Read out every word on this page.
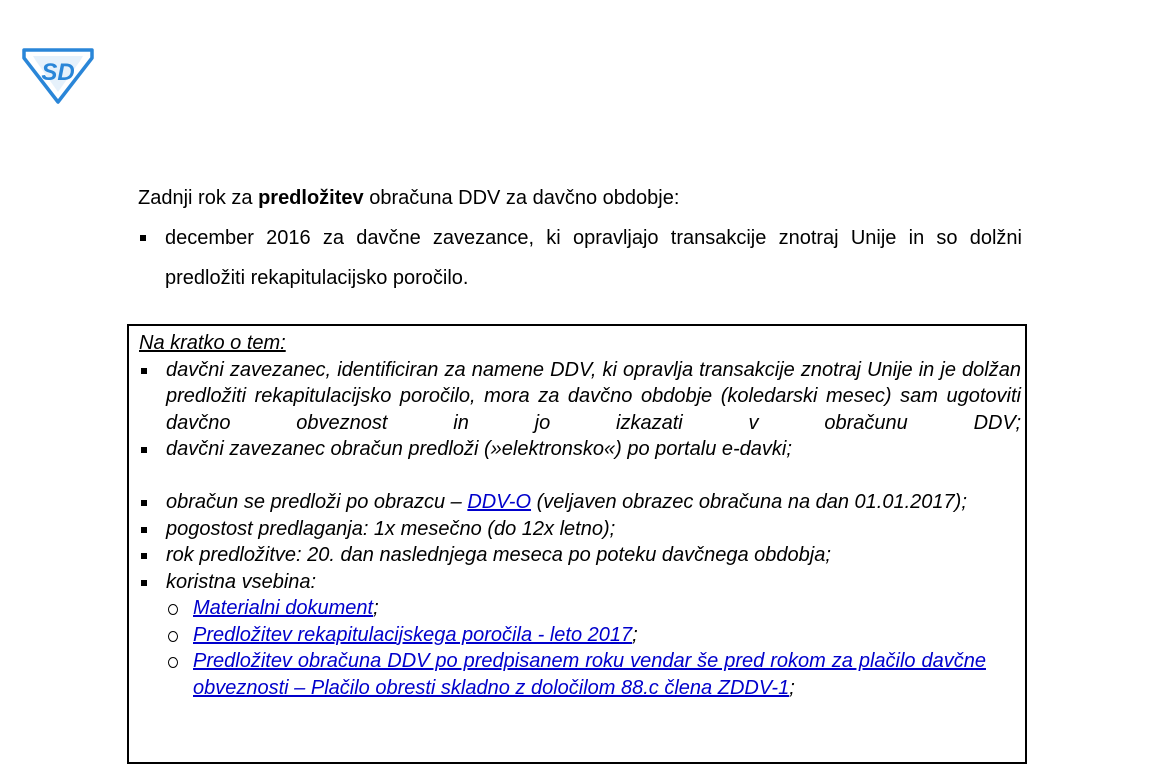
SD

Zadnji rok za predložitev obračuna DDV za davčno obdobje:

december 2016 za davčne zavezance, ki opravljajo transakcije znotraj Unije in so dolžni predložiti rekapitulacijsko poročilo.
Na kratko o tem:
davčni zavezanec, identificiran za namene DDV, ki opravlja transakcije znotraj Unije in je dolžan predložiti rekapitulacijsko poročilo, mora za davčno obdobje (koledarski mesec) sam ugotoviti davčno obveznost in jo izkazati v obračunu DDV;
davčni zavezanec obračun predloži (»elektronsko«) po portalu e-davki;
obračun se predloži po obrazcu – DDV-O (veljaven obrazec obračuna na dan 01.01.2017);
pogostost predlaganja: 1x mesečno (do 12x letno);
rok predložitve: 20. dan naslednjega meseca po poteku davčnega obdobja;
koristna vsebina:
Materialni dokument;
Predložitev rekapitulacijskega poročila - leto 2017;
Predložitev obračuna DDV po predpisanem roku vendar še pred rokom za plačilo davčne obveznosti – Plačilo obresti skladno z določilom 88.c člena ZDDV-1;
